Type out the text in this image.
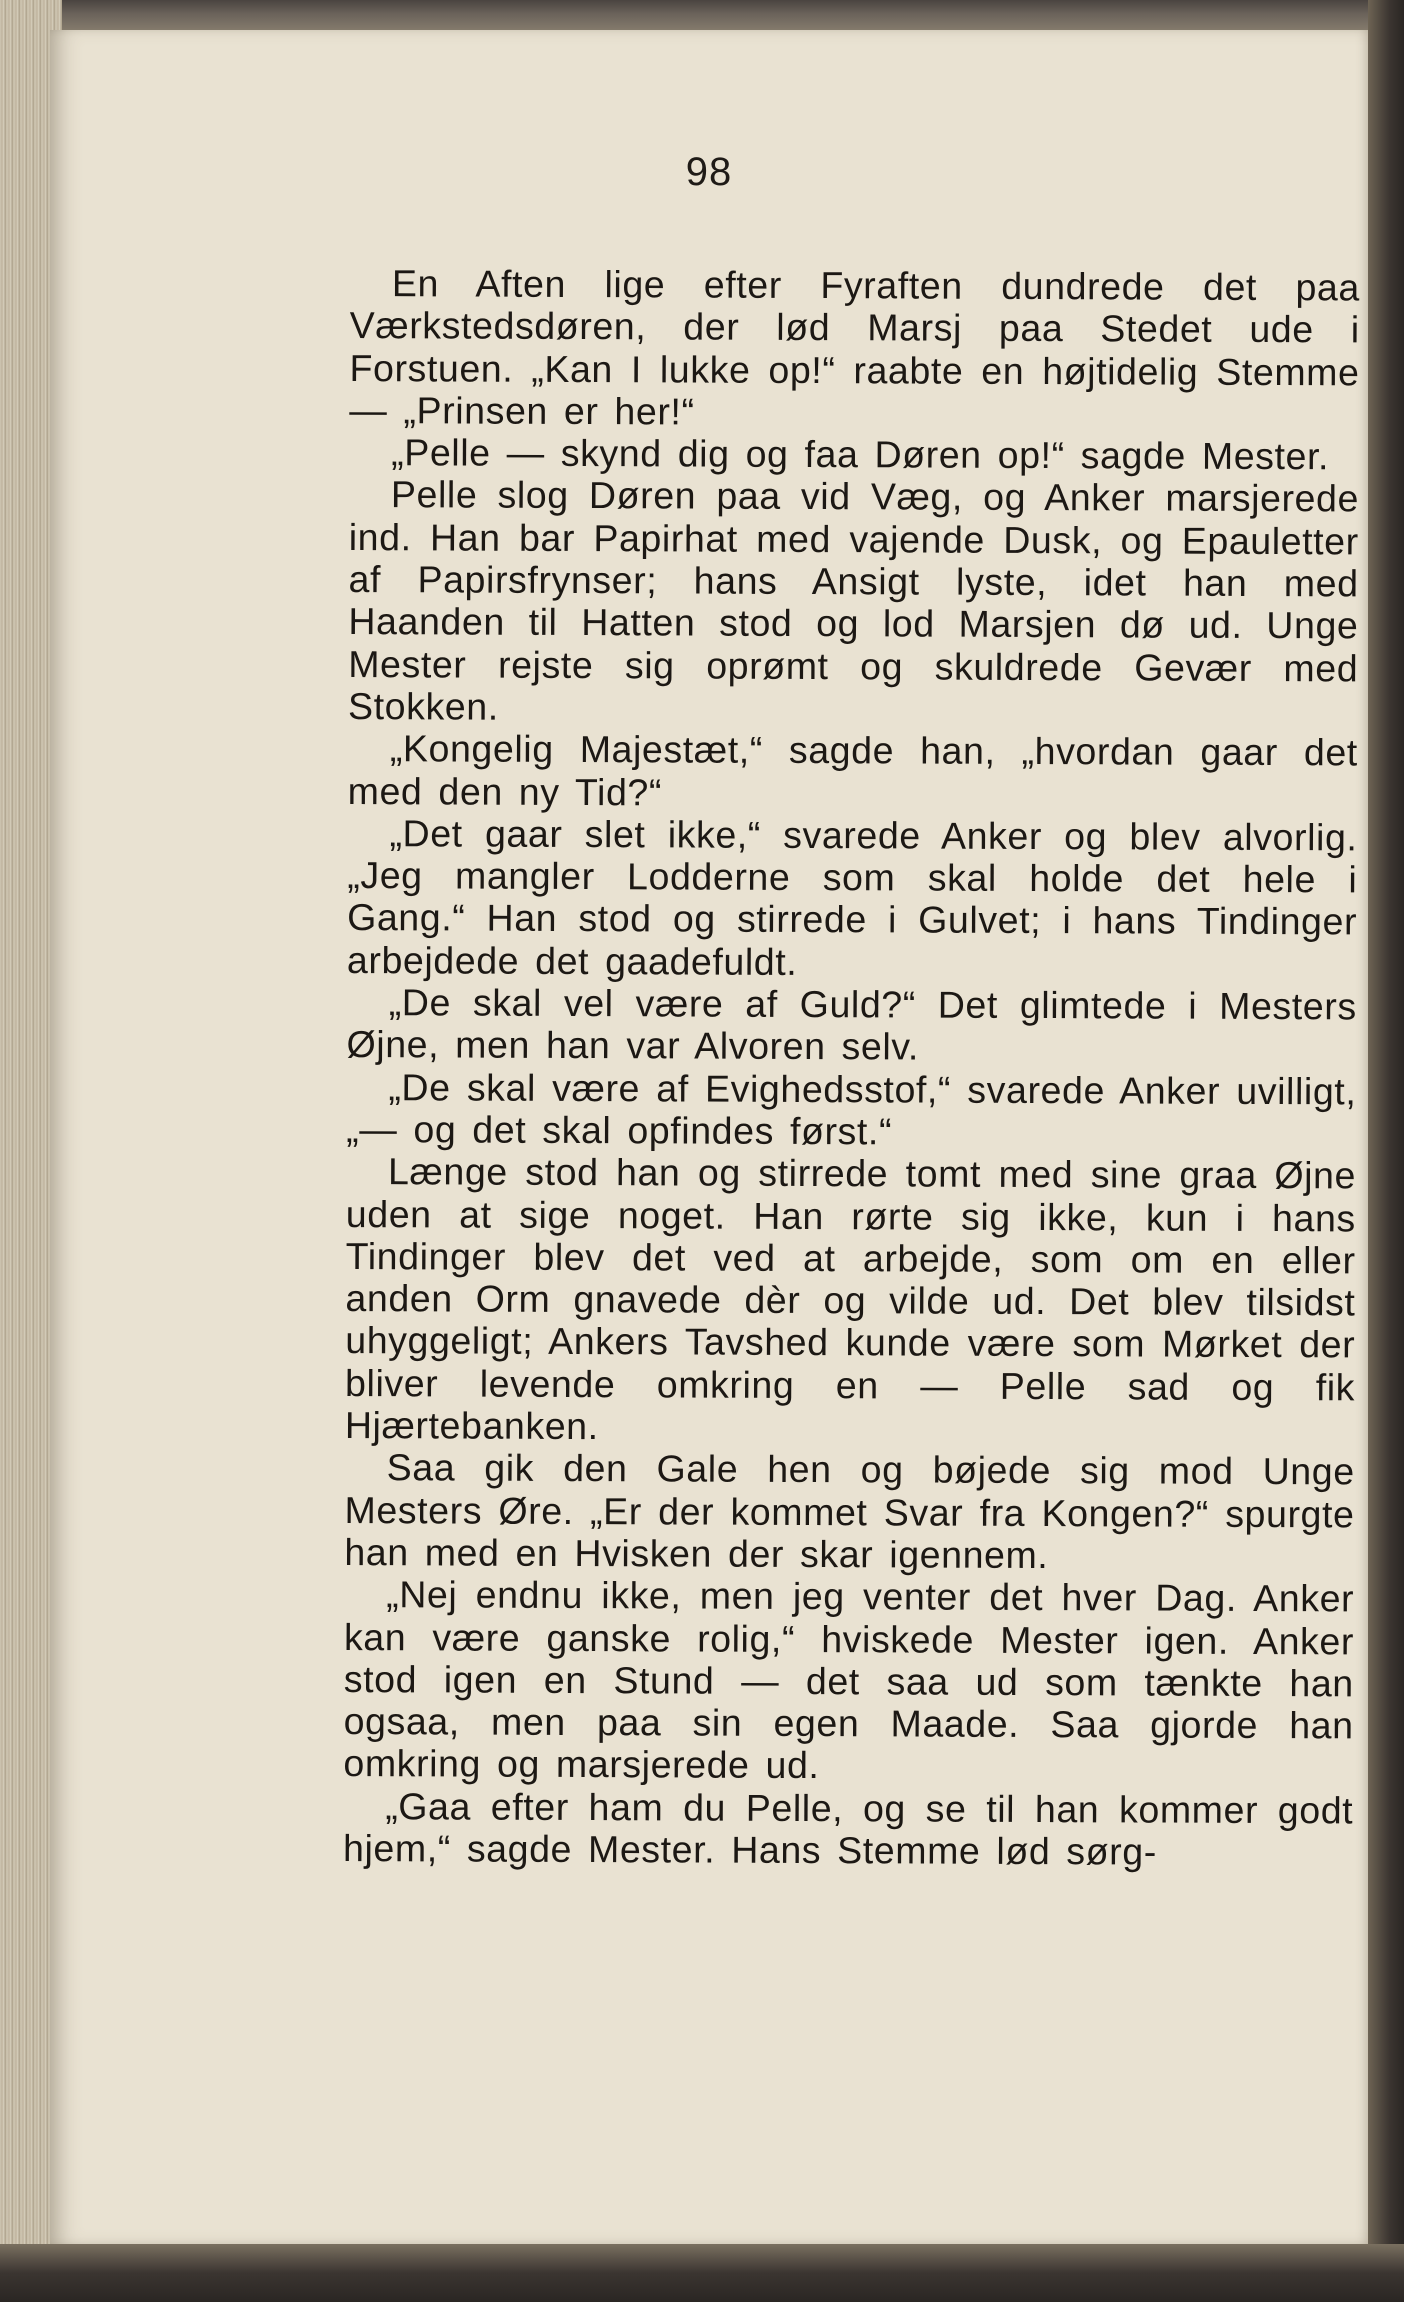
98

En Aften lige efter Fyraften dundrede det paa Værkstedsdøren, der lød Marsj paa Stedet ude i Forstuen. „Kan I lukke op!“ raabte en højtidelig Stemme — „Prinsen er her!“

„Pelle — skynd dig og faa Døren op!“ sagde Mester.

Pelle slog Døren paa vid Væg, og Anker marsjerede ind. Han bar Papirhat med vajende Dusk, og Epauletter af Papirsfrynser; hans Ansigt lyste, idet han med Haanden til Hatten stod og lod Marsjen dø ud. Unge Mester rejste sig oprømt og skuldrede Gevær med Stokken.

„Kongelig Majestæt,“ sagde han, „hvordan gaar det med den ny Tid?“

„Det gaar slet ikke,“ svarede Anker og blev alvorlig. „Jeg mangler Lodderne som skal holde det hele i Gang.“ Han stod og stirrede i Gulvet; i hans Tindinger arbejdede det gaadefuldt.

„De skal vel være af Guld?“ Det glimtede i Mesters Øjne, men han var Alvoren selv.

„De skal være af Evighedsstof,“ svarede Anker uvilligt, „— og det skal opfindes først.“

Længe stod han og stirrede tomt med sine graa Øjne uden at sige noget. Han rørte sig ikke, kun i hans Tindinger blev det ved at arbejde, som om en eller anden Orm gnavede dèr og vilde ud. Det blev tilsidst uhyggeligt; Ankers Tavshed kunde være som Mørket der bliver levende omkring en — Pelle sad og fik Hjærtebanken.

Saa gik den Gale hen og bøjede sig mod Unge Mesters Øre. „Er der kommet Svar fra Kongen?“ spurgte han med en Hvisken der skar igennem.

„Nej endnu ikke, men jeg venter det hver Dag. Anker kan være ganske rolig,“ hviskede Mester igen. Anker stod igen en Stund — det saa ud som tænkte han ogsaa, men paa sin egen Maade. Saa gjorde han omkring og marsjerede ud.

„Gaa efter ham du Pelle, og se til han kommer godt hjem,“ sagde Mester. Hans Stemme lød sørg-
